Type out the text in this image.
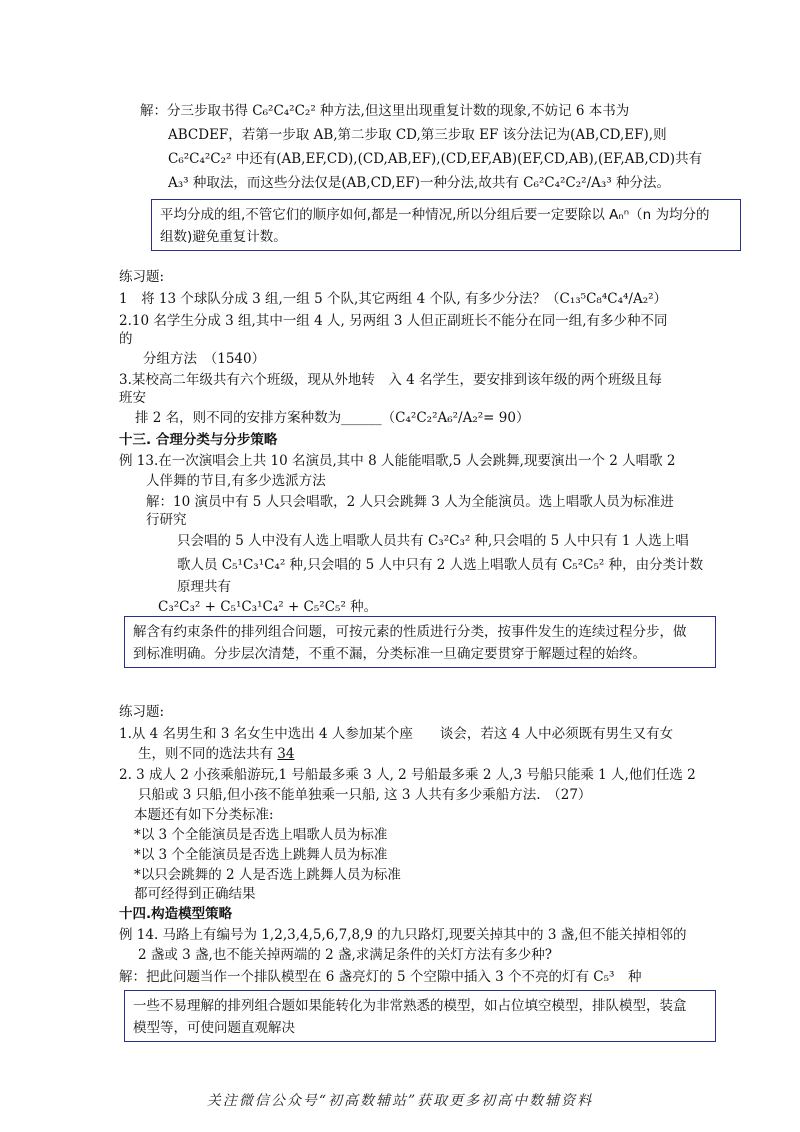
解：分三步取书得 C₆²C₄²C₂² 种方法,但这里出现重复计数的现象,不妨记 6 本书为
ABCDEF，若第一步取 AB,第二步取 CD,第三步取 EF 该分法记为(AB,CD,EF),则
C₆²C₄²C₂² 中还有(AB,EF,CD),(CD,AB,EF),(CD,EF,AB)(EF,CD,AB),(EF,AB,CD)共有
A₃³ 种取法，而这些分法仅是(AB,CD,EF)一种分法,故共有 C₆²C₄²C₂²/A₃³ 种分法。
平均分成的组,不管它们的顺序如何,都是一种情况,所以分组后要一定要除以 Aₙⁿ（n 为均分的
组数)避免重复计数。
练习题:
1　将 13 个球队分成 3 组,一组 5 个队,其它两组 4 个队, 有多少分法？（C₁₃⁵C₈⁴C₄⁴/A₂²）
2.10 名学生分成 3 组,其中一组 4 人, 另两组 3 人但正副班长不能分在同一组,有多少种不同
的
分组方法　（1540）
3.某校高二年级共有六个班级，现从外地转　入 4 名学生，要安排到该年级的两个班级且每
班安
排 2 名，则不同的安排方案种数为______（C₄²C₂²A₆²/A₂²= 90）
十三. 合理分类与分步策略
例 13.在一次演唱会上共 10 名演员,其中 8 人能能唱歌,5 人会跳舞,现要演出一个 2 人唱歌 2
人伴舞的节目,有多少选派方法
解：10 演员中有 5 人只会唱歌，2 人只会跳舞 3 人为全能演员。选上唱歌人员为标准进
行研究
只会唱的 5 人中没有人选上唱歌人员共有 C₃²C₃² 种,只会唱的 5 人中只有 1 人选上唱
歌人员 C₅¹C₃¹C₄² 种,只会唱的 5 人中只有 2 人选上唱歌人员有 C₅²C₅² 种，由分类计数
原理共有
C₃²C₃² + C₅¹C₃¹C₄² + C₅²C₅² 种。
解含有约束条件的排列组合问题，可按元素的性质进行分类，按事件发生的连续过程分步，做
到标准明确。分步层次清楚，不重不漏，分类标准一旦确定要贯穿于解题过程的始终。
练习题:
1.从 4 名男生和 3 名女生中选出 4 人参加某个座　　谈会，若这 4 人中必须既有男生又有女
生，则不同的选法共有 34
2. 3 成人 2 小孩乘船游玩,1 号船最多乘 3 人, 2 号船最多乘 2 人,3 号船只能乘 1 人,他们任选 2
只船或 3 只船,但小孩不能单独乘一只船, 这 3 人共有多少乘船方法.　（27）
本题还有如下分类标准:
*以 3 个全能演员是否选上唱歌人员为标准
*以 3 个全能演员是否选上跳舞人员为标准
*以只会跳舞的 2 人是否选上跳舞人员为标准
都可经得到正确结果
十四.构造模型策略
例 14. 马路上有编号为 1,2,3,4,5,6,7,8,9 的九只路灯,现要关掉其中的 3 盏,但不能关掉相邻的
2 盏或 3 盏,也不能关掉两端的 2 盏,求满足条件的关灯方法有多少种?
解：把此问题当作一个排队模型在 6 盏亮灯的 5 个空隙中插入 3 个不亮的灯有 C₅³　种
一些不易理解的排列组合题如果能转化为非常熟悉的模型，如占位填空模型，排队模型，装盒
模型等，可使问题直观解决
关注微信公众号“初高数辅站”获取更多初高中数辅资料
